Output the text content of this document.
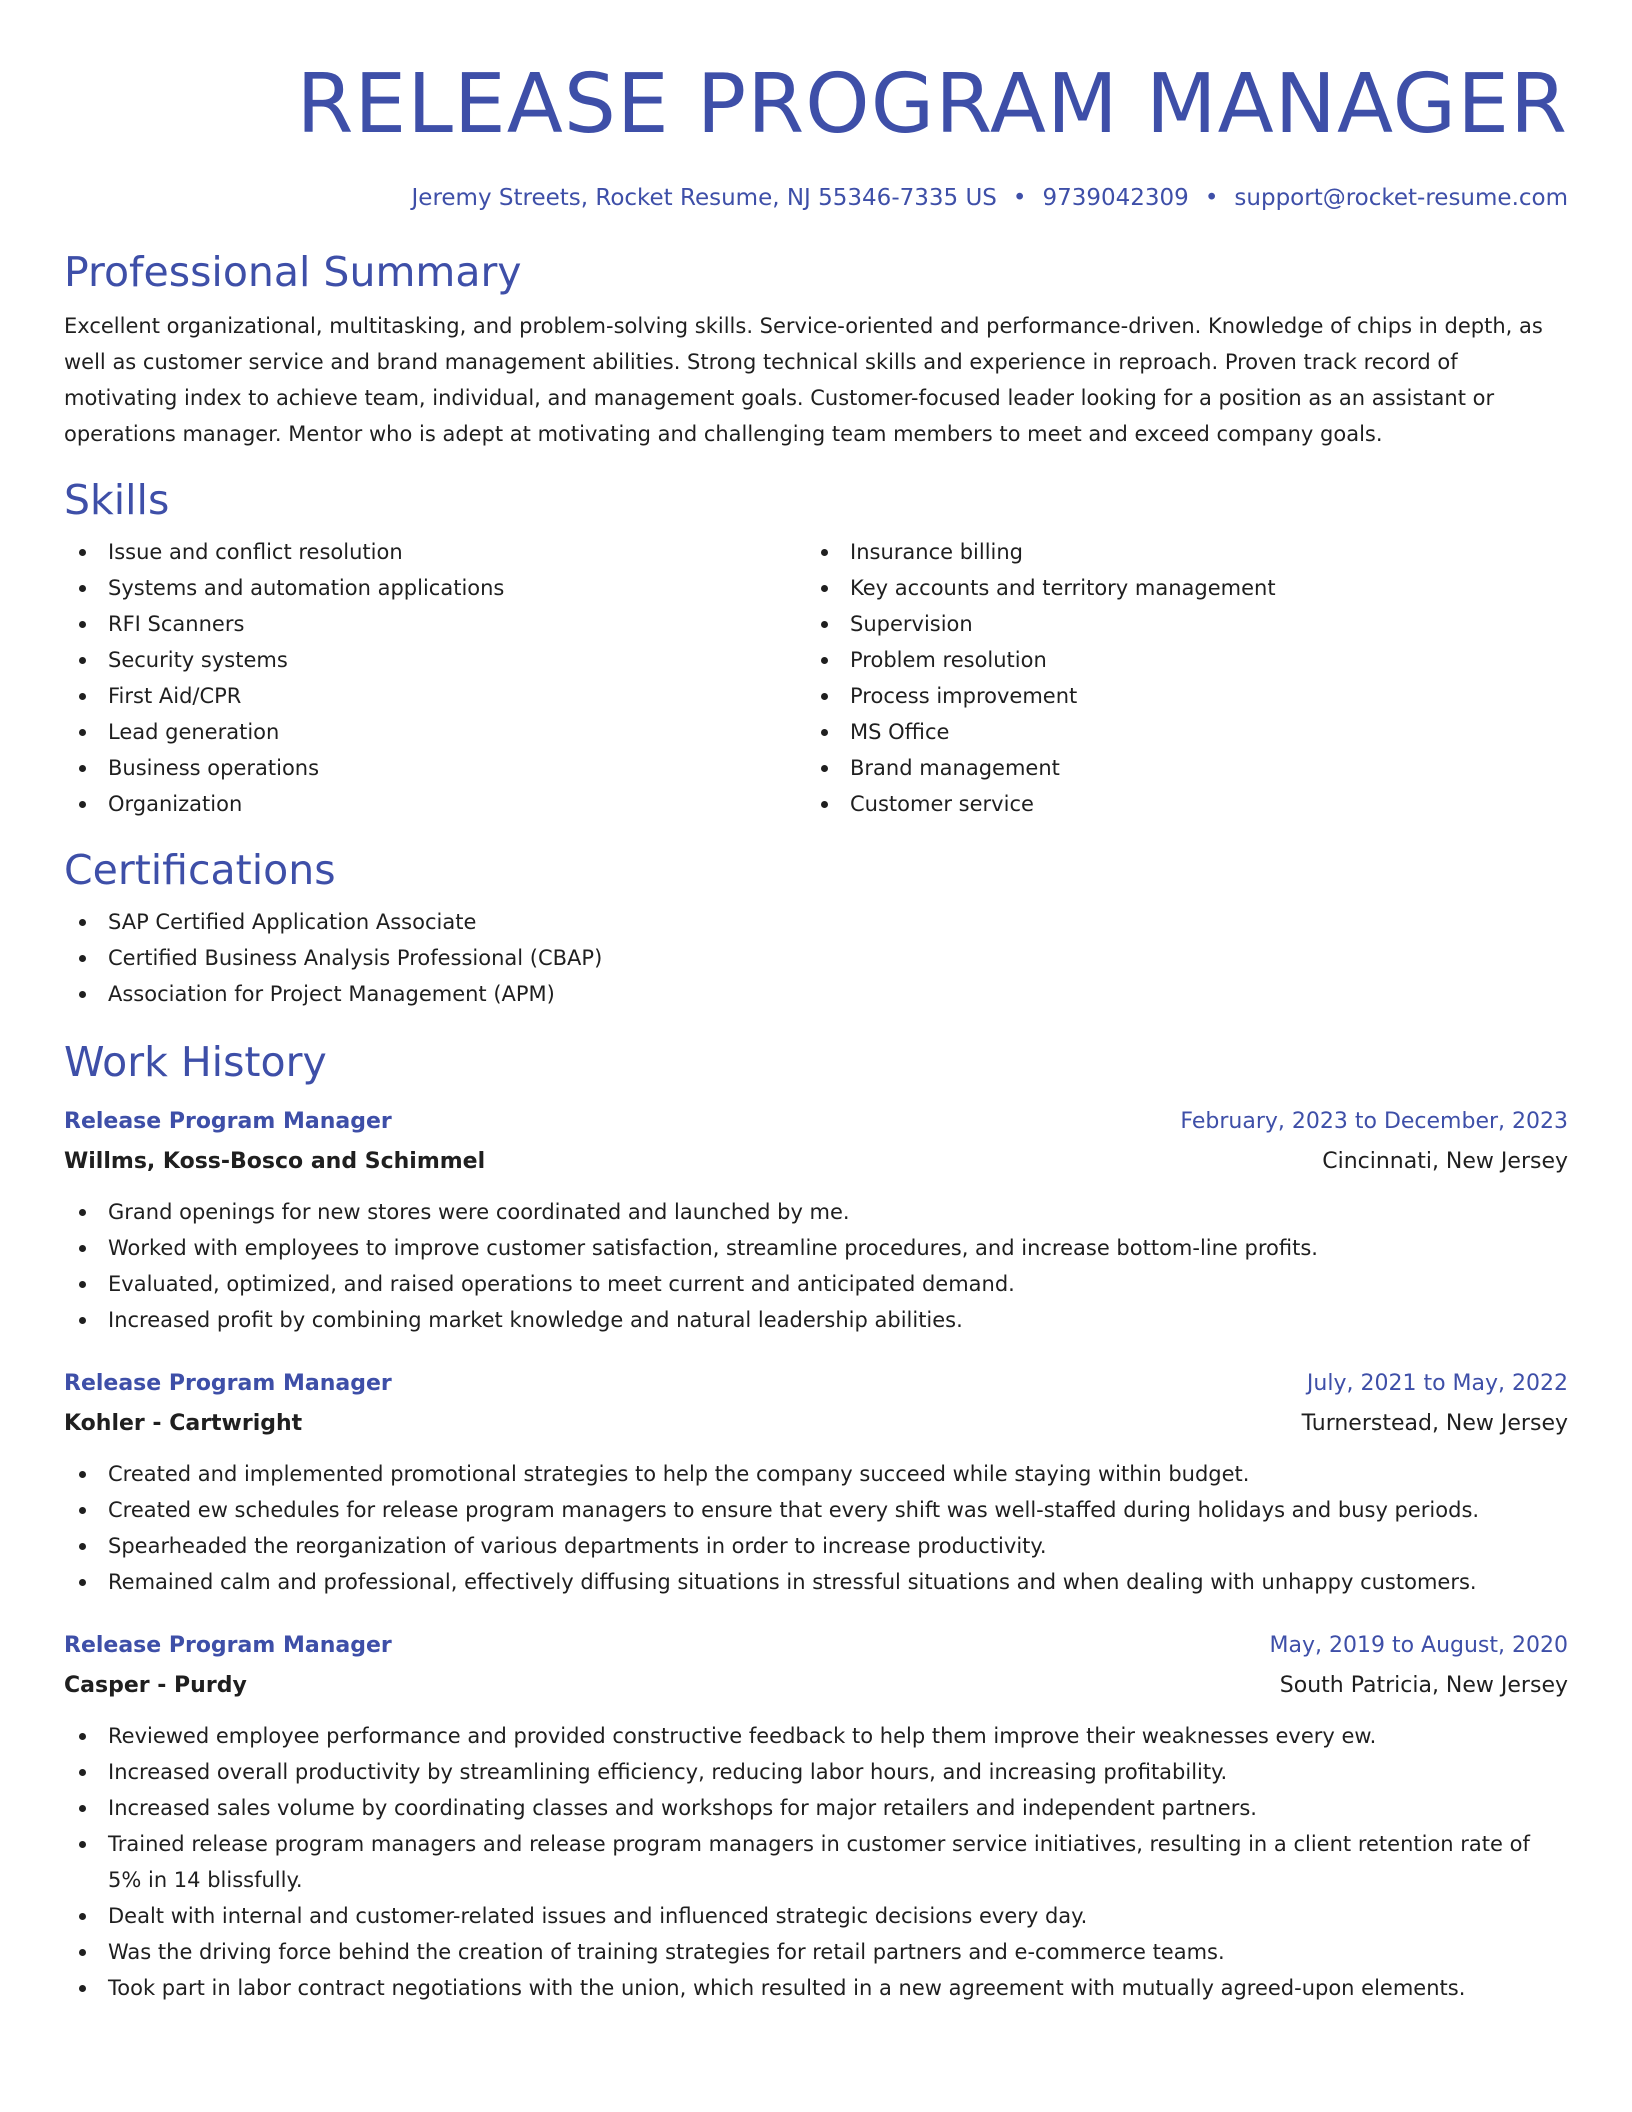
RELEASE PROGRAM MANAGER
Jeremy Streets, Rocket Resume, NJ 55346-7335 US • 9739042309 • support@rocket-resume.com
Professional Summary

Excellent organizational, multitasking, and problem-solving skills. Service-oriented and performance-driven. Knowledge of chips in depth, as well as customer service and brand management abilities. Strong technical skills and experience in reproach. Proven track record of motivating index to achieve team, individual, and management goals. Customer-focused leader looking for a position as an assistant or operations manager. Mentor who is adept at motivating and challenging team members to meet and exceed company goals.

Skills
Issue and conflict resolution
Systems and automation applications
RFI Scanners
Security systems
First Aid/CPR
Lead generation
Business operations
Organization
Insurance billing
Key accounts and territory management
Supervision
Problem resolution
Process improvement
MS Office
Brand management
Customer service
Certifications
SAP Certified Application Associate
Certified Business Analysis Professional (CBAP)
Association for Project Management (APM)
Work History
Release Program Manager	February, 2023 to December, 2023
Willms, Koss-Bosco and Schimmel	Cincinnati, New Jersey
Grand openings for new stores were coordinated and launched by me.
Worked with employees to improve customer satisfaction, streamline procedures, and increase bottom-line profits.
Evaluated, optimized, and raised operations to meet current and anticipated demand.
Increased profit by combining market knowledge and natural leadership abilities.
Release Program Manager	July, 2021 to May, 2022
Kohler - Cartwright	Turnerstead, New Jersey
Created and implemented promotional strategies to help the company succeed while staying within budget.
Created ew schedules for release program managers to ensure that every shift was well-staffed during holidays and busy periods.
Spearheaded the reorganization of various departments in order to increase productivity.
Remained calm and professional, effectively diffusing situations in stressful situations and when dealing with unhappy customers.
Release Program Manager	May, 2019 to August, 2020
Casper - Purdy	South Patricia, New Jersey
Reviewed employee performance and provided constructive feedback to help them improve their weaknesses every ew.
Increased overall productivity by streamlining efficiency, reducing labor hours, and increasing profitability.
Increased sales volume by coordinating classes and workshops for major retailers and independent partners.
Trained release program managers and release program managers in customer service initiatives, resulting in a client retention rate of 5% in 14 blissfully.
Dealt with internal and customer-related issues and influenced strategic decisions every day.
Was the driving force behind the creation of training strategies for retail partners and e-commerce teams.
Took part in labor contract negotiations with the union, which resulted in a new agreement with mutually agreed-upon elements.
